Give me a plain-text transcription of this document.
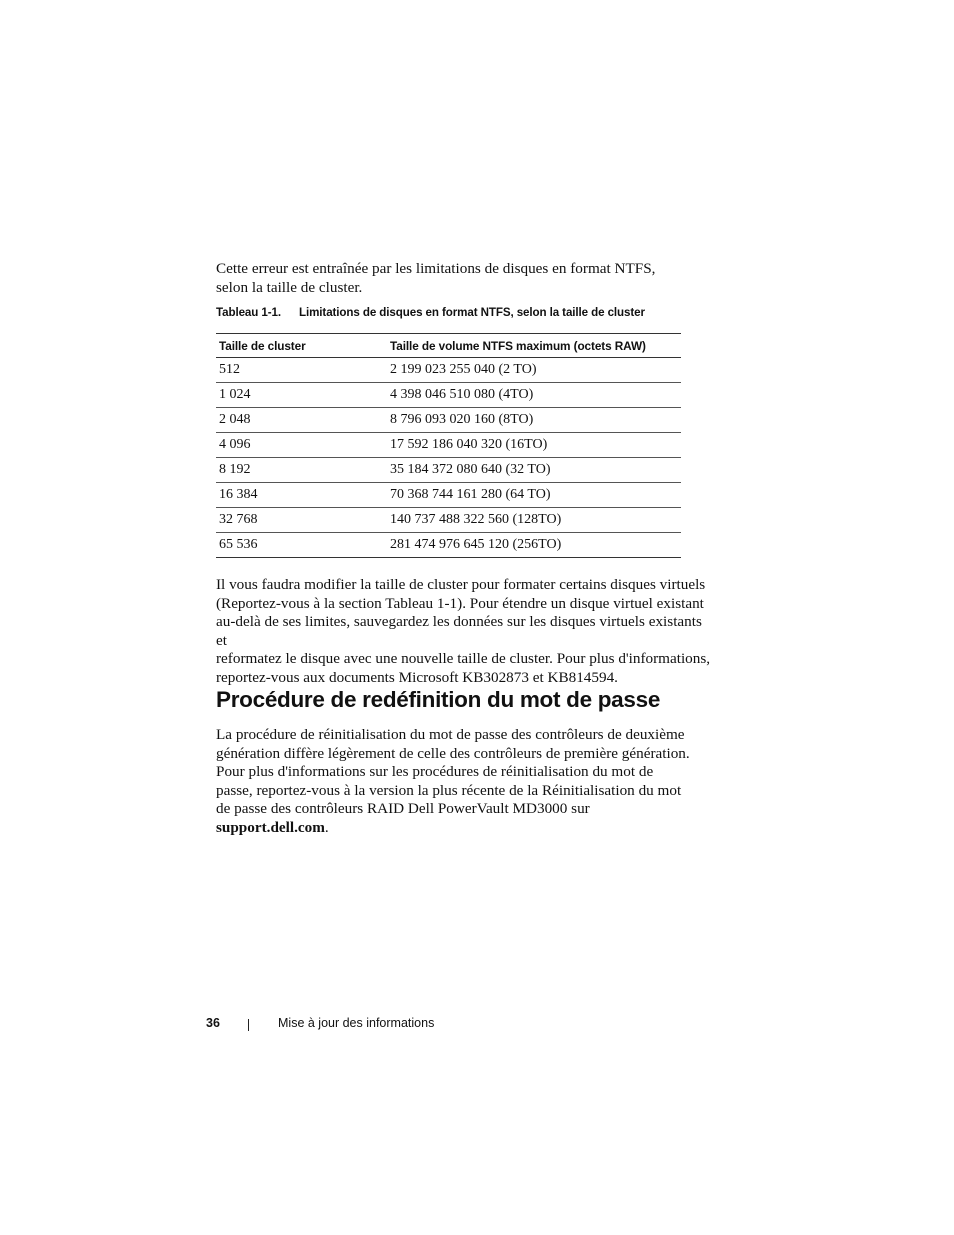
Cette erreur est entraînée par les limitations de disques en format NTFS,
selon la taille de cluster.

Tableau 1-1. Limitations de disques en format NTFS, selon la taille de cluster
Taille de cluster	Taille de volume NTFS maximum (octets RAW)
512	2 199 023 255 040 (2 TO)
1 024	4 398 046 510 080 (4TO)
2 048	8 796 093 020 160 (8TO)
4 096	17 592 186 040 320 (16TO)
8 192	35 184 372 080 640 (32 TO)
16 384	70 368 744 161 280 (64 TO)
32 768	140 737 488 322 560 (128TO)
65 536	281 474 976 645 120 (256TO)

Il vous faudra modifier la taille de cluster pour formater certains disques virtuels
(Reportez-vous à la section Tableau 1-1). Pour étendre un disque virtuel existant
au-delà de ses limites, sauvegardez les données sur les disques virtuels existants et
reformatez le disque avec une nouvelle taille de cluster. Pour plus d'informations,
reportez-vous aux documents Microsoft KB302873 et KB814594.

Procédure de redéfinition du mot de passe

La procédure de réinitialisation du mot de passe des contrôleurs de deuxième
génération diffère légèrement de celle des contrôleurs de première génération.
Pour plus d'informations sur les procédures de réinitialisation du mot de
passe, reportez-vous à la version la plus récente de la Réinitialisation du mot
de passe des contrôleurs RAID Dell PowerVault MD3000 sur
support.dell.com.

36	Mise à jour des informations
